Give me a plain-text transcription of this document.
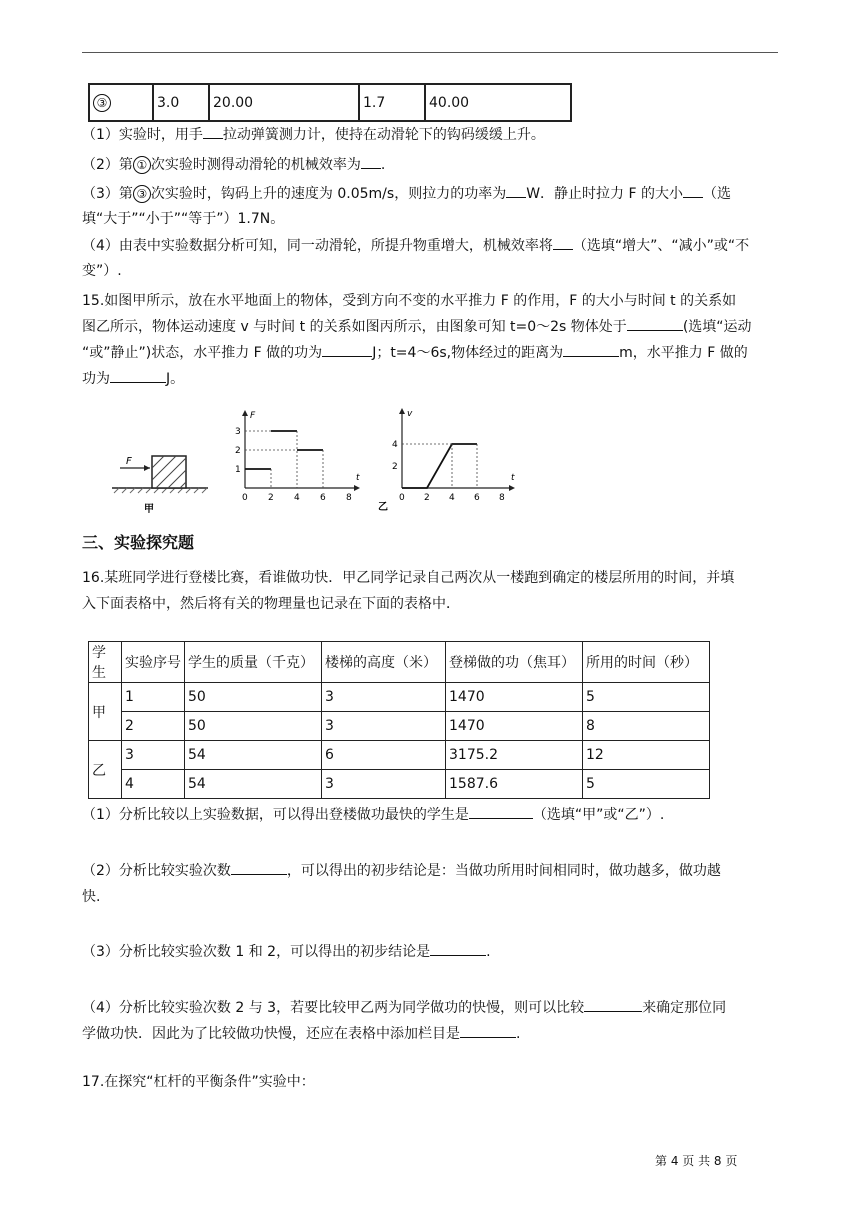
③	3.0	20.00	1.7	40.00
（1）实验时，用手 拉动弹簧测力计，使持在动滑轮下的钩码缓缓上升。
（2）第 ① 次实验时测得动滑轮的机械效率为 .
（3）第 ③ 次实验时，钩码上升的速度为 0.05m/s，则拉力的功率为 W．静止时拉力 F 的大小 （选
填“大于”“小于”“等于”）1.7N。
（4）由表中实验数据分析可知，同一动滑轮，所提升物重增大，机械效率将 （选填“增大”、“减小”或“不
变”）.
15.如图甲所示，放在水平地面上的物体，受到方向不变的水平推力 F 的作用，F 的大小与时间 t 的关系如
图乙所示，物体运动速度 v 与时间 t 的关系如图丙所示，由图象可知 t=0～2s 物体处于	(选填“运动
“或”静止”)状态，水平推力 F 做的功为	J；t=4～6s,物体经过的距离为	m，水平推力 F 做的
功为	J。
F
甲
F
t
0 2 4 6 8
1
2
3
v
t
0 2 4 6 8
2
4
乙
三、实验探究题
16.某班同学进行登楼比赛，看谁做功快．甲乙同学记录自己两次从一楼跑到确定的楼层所用的时间，并填
入下面表格中，然后将有关的物理量也记录在下面的表格中．
学生	实验序号	学生的质量（千克）	楼梯的高度（米）	登梯做的功（焦耳）	所用的时间（秒）
甲	1	50	3	1470	5
	2	50	3	1470	8
乙	3	54	6	3175.2	12
	4	54	3	1587.6	5
（1）分析比较以上实验数据，可以得出登楼做功最快的学生是	（选填“甲”或“乙”）.
（2）分析比较实验次数	，可以得出的初步结论是：当做功所用时间相同时，做功越多，做功越
快.
（3）分析比较实验次数 1 和 2，可以得出的初步结论是	.
（4）分析比较实验次数 2 与 3，若要比较甲乙两为同学做功的快慢，则可以比较	来确定那位同
学做功快．因此为了比较做功快慢，还应在表格中添加栏目是	.
17.在探究“杠杆的平衡条件”实验中：
第 4 页 共 8 页
